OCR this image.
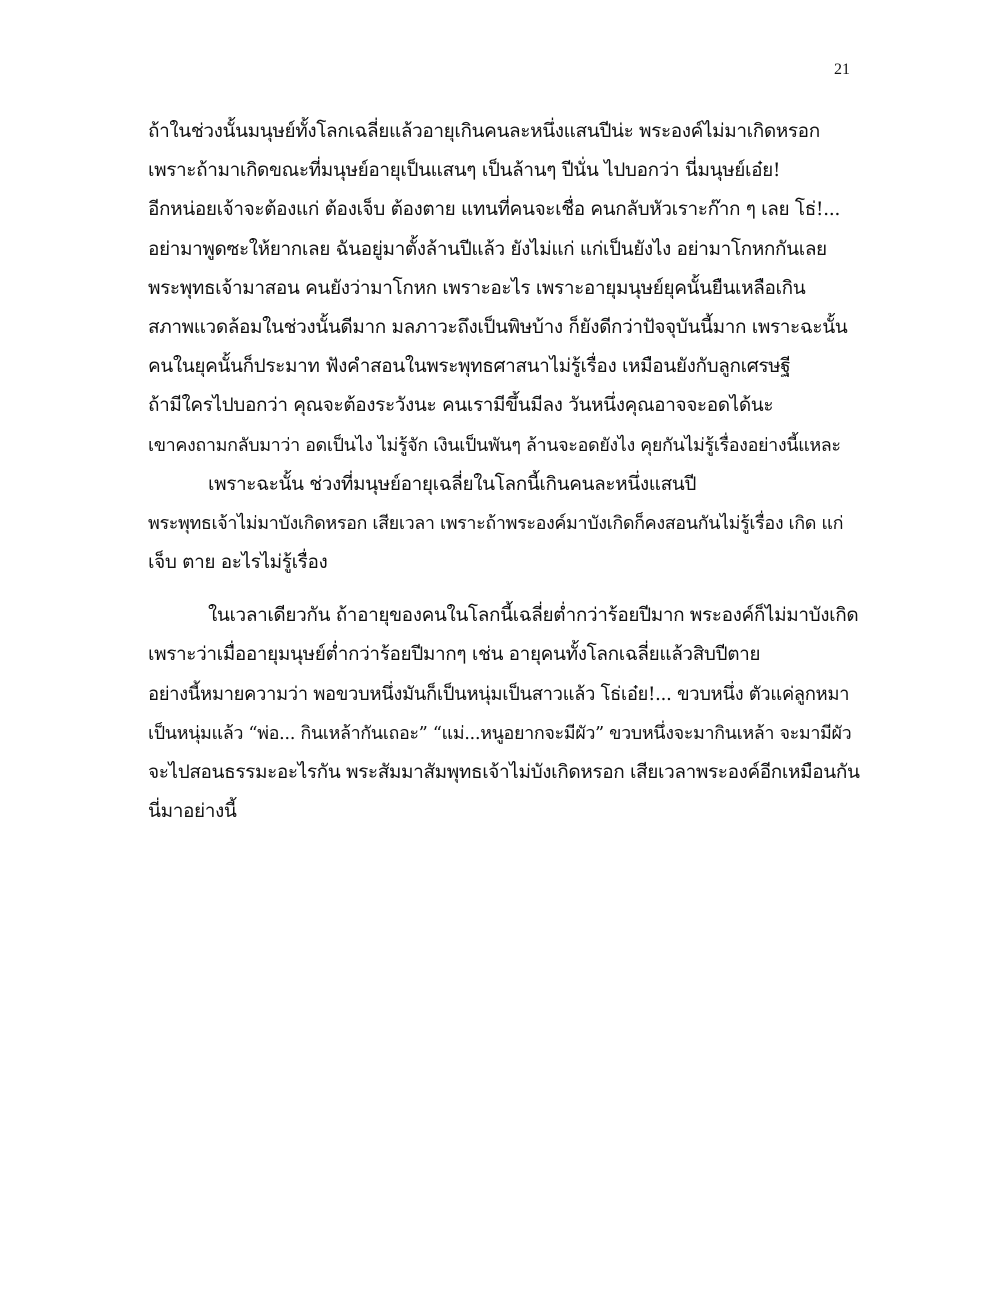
21
ถ้าในช่วงนั้นมนุษย์ทั้งโลกเฉลี่ยแล้วอายุเกินคนละหนึ่งแสนปีน่ะ พระองค์ไม่มาเกิดหรอก
เพราะถ้ามาเกิดขณะที่มนุษย์อายุเป็นแสนๆ เป็นล้านๆ ปีนั่น ไปบอกว่า นี่มนุษย์เอ๋ย!
อีกหน่อยเจ้าจะต้องแก่ ต้องเจ็บ ต้องตาย แทนที่คนจะเชื่อ คนกลับหัวเราะก๊าก ๆ เลย โธ่!...
อย่ามาพูดซะให้ยากเลย ฉันอยู่มาตั้งล้านปีแล้ว ยังไม่แก่ แก่เป็นยังไง อย่ามาโกหกกันเลย
พระพุทธเจ้ามาสอน คนยังว่ามาโกหก เพราะอะไร เพราะอายุมนุษย์ยุคนั้นยืนเหลือเกิน
สภาพแวดล้อมในช่วงนั้นดีมาก มลภาวะถึงเป็นพิษบ้าง ก็ยังดีกว่าปัจจุบันนี้มาก เพราะฉะนั้น
คนในยุคนั้นก็ประมาท ฟังคำสอนในพระพุทธศาสนาไม่รู้เรื่อง เหมือนยังกับลูกเศรษฐี
ถ้ามีใครไปบอกว่า คุณจะต้องระวังนะ คนเรามีขึ้นมีลง วันหนึ่งคุณอาจจะอดได้นะ
เขาคงถามกลับมาว่า อดเป็นไง ไม่รู้จัก เงินเป็นพันๆ ล้านจะอดยังไง คุยกันไม่รู้เรื่องอย่างนี้แหละ
เพราะฉะนั้น ช่วงที่มนุษย์อายุเฉลี่ยในโลกนี้เกินคนละหนึ่งแสนปี
พระพุทธเจ้าไม่มาบังเกิดหรอก เสียเวลา เพราะถ้าพระองค์มาบังเกิดก็คงสอนกันไม่รู้เรื่อง เกิด แก่
เจ็บ ตาย อะไรไม่รู้เรื่อง
ในเวลาเดียวกัน ถ้าอายุของคนในโลกนี้เฉลี่ยต่ำกว่าร้อยปีมาก พระองค์ก็ไม่มาบังเกิด
เพราะว่าเมื่ออายุมนุษย์ต่ำกว่าร้อยปีมากๆ เช่น อายุคนทั้งโลกเฉลี่ยแล้วสิบปีตาย
อย่างนี้หมายความว่า พอขวบหนึ่งมันก็เป็นหนุ่มเป็นสาวแล้ว โธ่เอ๋ย!... ขวบหนึ่ง ตัวแค่ลูกหมา
เป็นหนุ่มแล้ว “พ่อ... กินเหล้ากันเถอะ” “แม่...หนูอยากจะมีผัว” ขวบหนึ่งจะมากินเหล้า จะมามีผัว
จะไปสอนธรรมะอะไรกัน พระสัมมาสัมพุทธเจ้าไม่บังเกิดหรอก เสียเวลาพระองค์อีกเหมือนกัน
นี่มาอย่างนี้
